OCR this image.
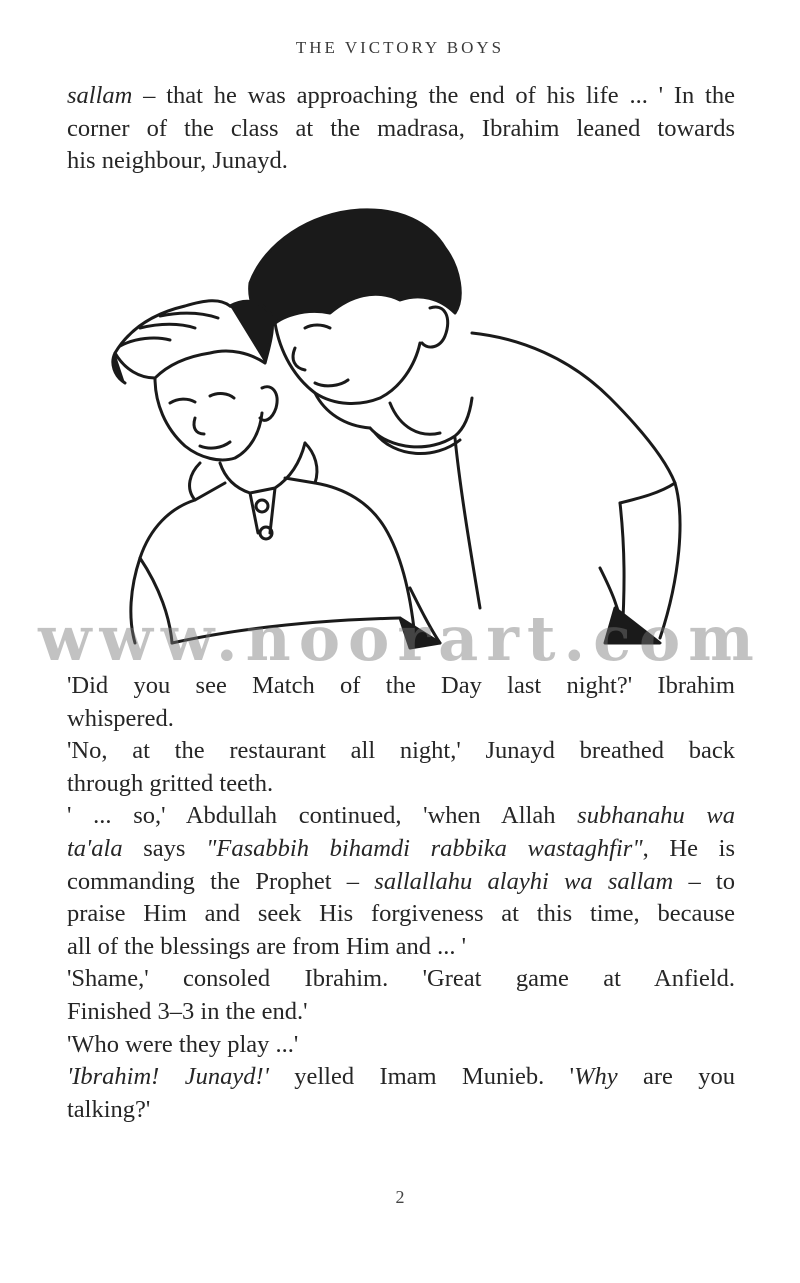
THE VICTORY BOYS

sallam – that he was approaching the end of his life ... ' In the

corner of the class at the madrasa, Ibrahim leaned towards

his neighbour, Junayd.

www.noorart.com

'Did you see Match of the Day last night?' Ibrahim

whispered.

'No, at the restaurant all night,' Junayd breathed back

through gritted teeth.

' ... so,' Abdullah continued, 'when Allah subhanahu wa

ta'ala says "Fasabbih bihamdi rabbika wastaghfir", He is

commanding the Prophet – sallallahu alayhi wa sallam – to

praise Him and seek His forgiveness at this time, because

all of the blessings are from Him and ... '

'Shame,' consoled Ibrahim. 'Great game at Anfield.

Finished 3–3 in the end.'

'Who were they play ...'

'Ibrahim! Junayd!' yelled Imam Munieb. 'Why are you

talking?'

2
